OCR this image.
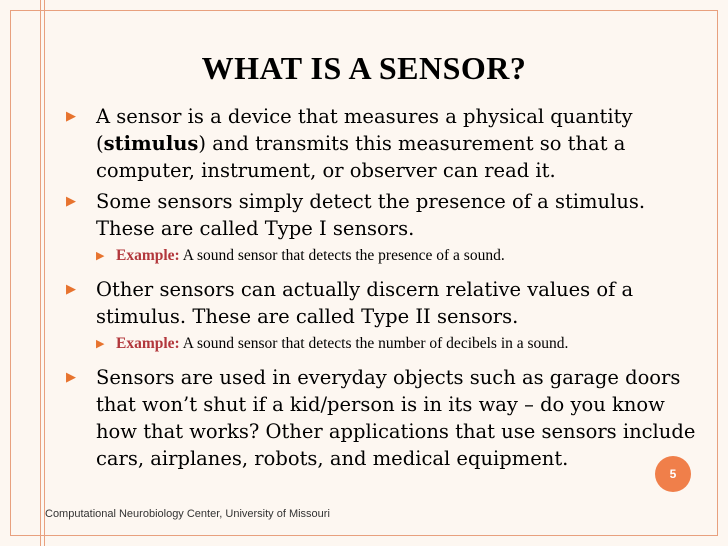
WHAT IS A SENSOR?
▶	A sensor is a device that measures a physical quantity (stimulus) and transmits this measurement so that a computer, instrument, or observer can read it.
▶	Some sensors simply detect the presence of a stimulus. These are called Type I sensors.
▶ Example: A sound sensor that detects the presence of a sound.
▶	Other sensors can actually discern relative values of a stimulus. These are called Type II sensors.
▶ Example: A sound sensor that detects the number of decibels in a sound.
▶	Sensors are used in everyday objects such as garage doors that won’t shut if a kid/person is in its way – do you know how that works? Other applications that use sensors include cars, airplanes, robots, and medical equipment.
5
Computational Neurobiology Center, University of Missouri
